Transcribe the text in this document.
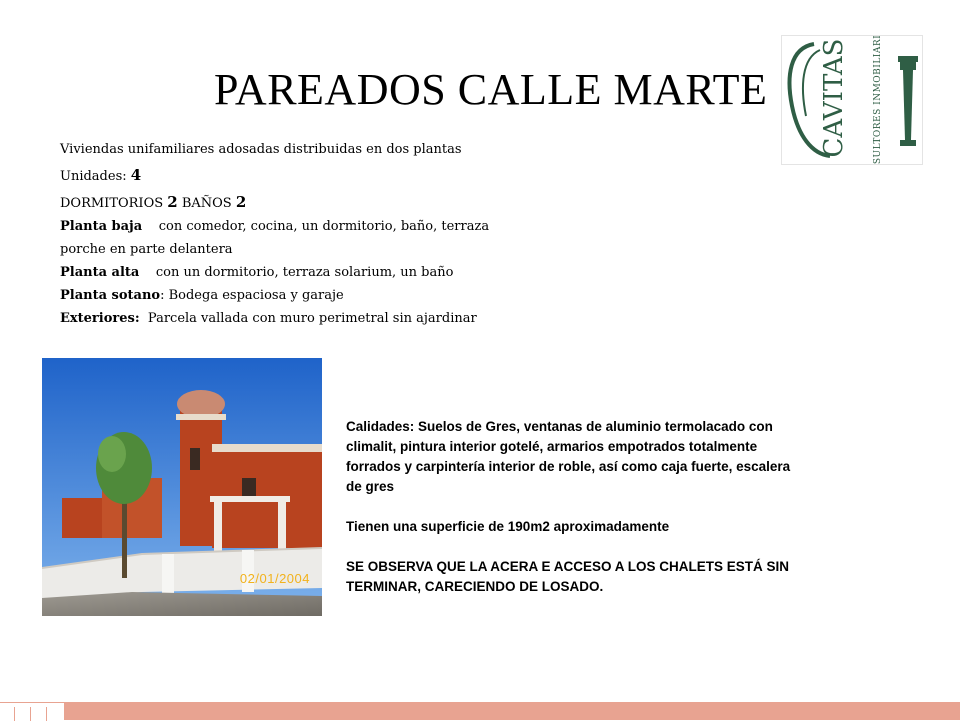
PAREADOS CALLE MARTE CAVITAS	CONSULTORES INMOBILIARIOS
Viviendas unifamiliares adosadas distribuidas en dos plantas
Unidades: 4
DORMITORIOS 2 BAÑOS 2
Planta baja con comedor, cocina, un dormitorio, baño, terraza
porche en parte delantera
Planta alta con un dormitorio, terraza solarium, un baño
Planta sotano: Bodega espaciosa y garaje
Exteriores: Parcela vallada con muro perimetral sin ajardinar
02/01/2004

Calidades: Suelos de Gres, ventanas de aluminio termolacado con climalit, pintura interior gotelé, armarios empotrados totalmente forrados y carpintería interior de roble, así como caja fuerte, escalera de gres

Tienen una superficie de 190m2 aproximadamente

SE OBSERVA QUE LA ACERA E ACCESO A LOS CHALETS ESTÁ SIN TERMINAR, CARECIENDO DE LOSADO.
